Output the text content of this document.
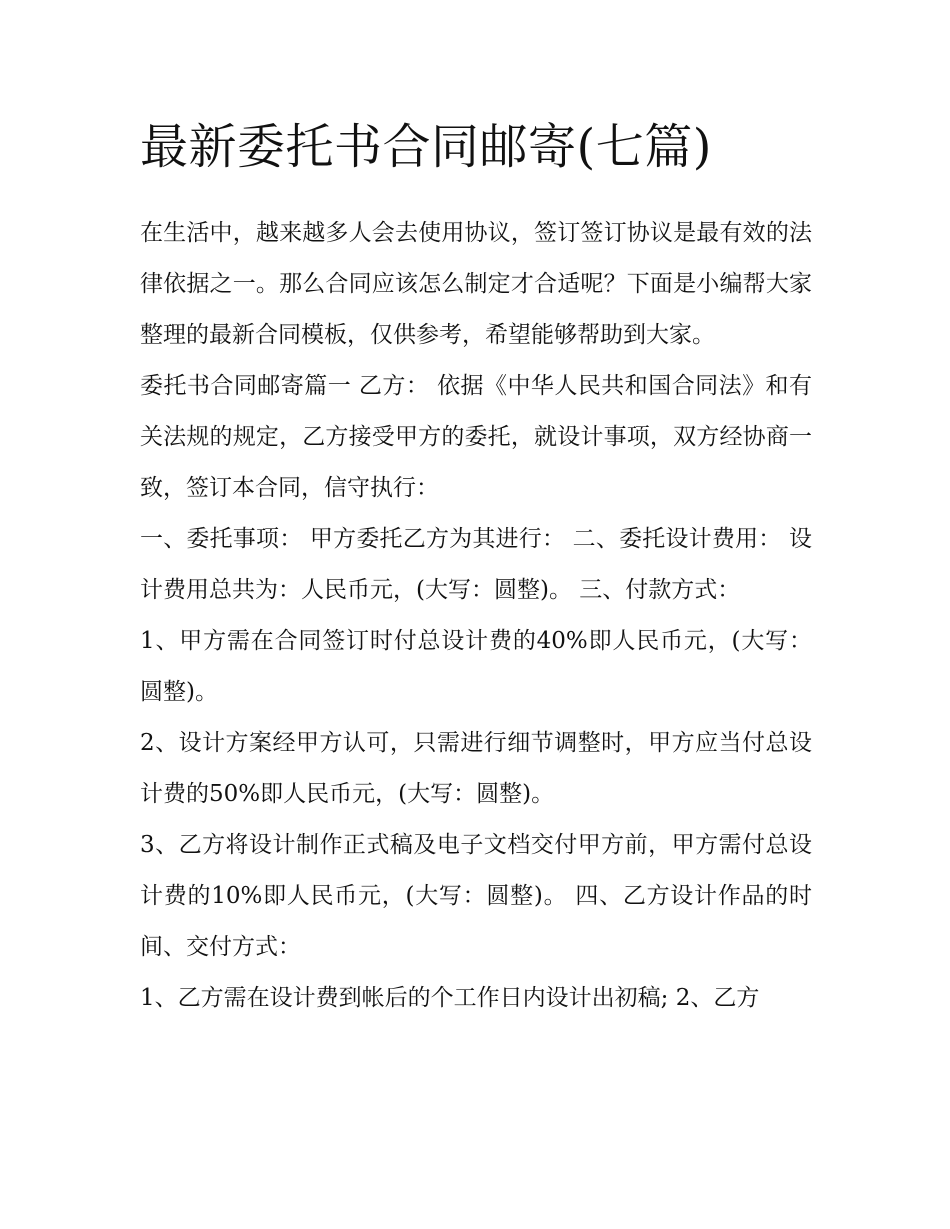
最新委托书合同邮寄(七篇)

在生活中，越来越多人会去使用协议，签订签订协议是最有效的法律依据之一。那么合同应该怎么制定才合适呢？下面是小编帮大家整理的最新合同模板，仅供参考，希望能够帮助到大家。

委托书合同邮寄篇一 乙方： 依据《中华人民共和国合同法》和有关法规的规定，乙方接受甲方的委托，就设计事项，双方经协商一致，签订本合同，信守执行：

一、委托事项： 甲方委托乙方为其进行： 二、委托设计费用： 设计费用总共为：人民币元，(大写：圆整)。 三、付款方式：

1、甲方需在合同签订时付总设计费的40%即人民币元，(大写：圆整)。

2、设计方案经甲方认可，只需进行细节调整时，甲方应当付总设计费的50%即人民币元，(大写：圆整)。

3、乙方将设计制作正式稿及电子文档交付甲方前，甲方需付总设计费的10%即人民币元，(大写：圆整)。 四、乙方设计作品的时间、交付方式：

1、乙方需在设计费到帐后的个工作日内设计出初稿; 2、乙方
